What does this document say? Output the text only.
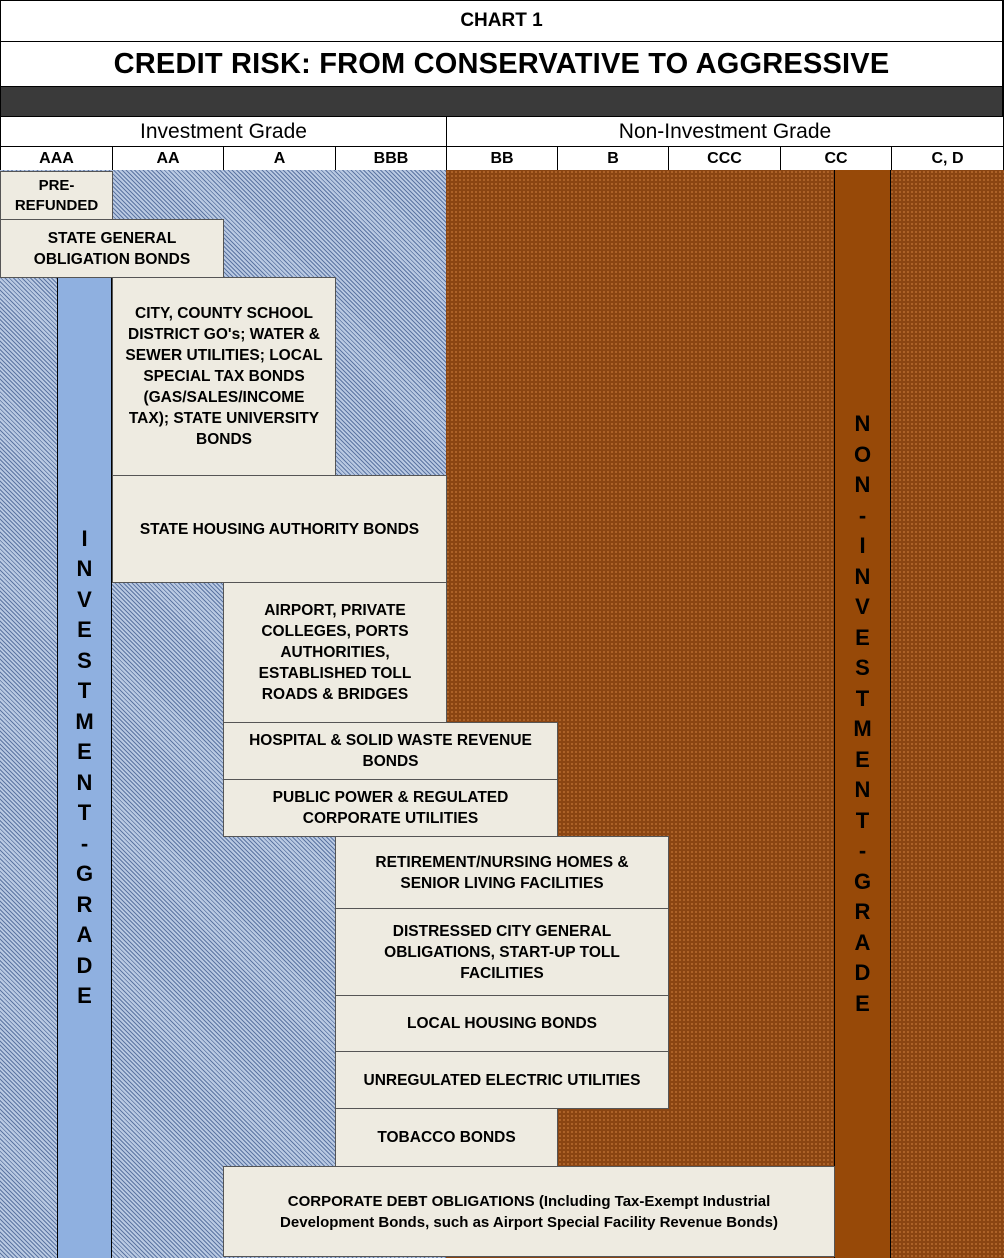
CHART 1
CREDIT RISK: FROM CONSERVATIVE TO AGGRESSIVE
Investment Grade	Non-Investment Grade
AAA	AA	A	BBB	BB	B	CCC	CC	C, D
I
N
V
E
S
T
M
E
N
T
-
G
R
A
D
E
N
O
N
-
I
N
V
E
S
T
M
E
N
T
-
G
R
A
D
E
PRE-
REFUNDED
STATE GENERAL
OBLIGATION BONDS
CITY, COUNTY SCHOOL
DISTRICT GO's; WATER &
SEWER UTILITIES; LOCAL
SPECIAL TAX BONDS
(GAS/SALES/INCOME
TAX); STATE UNIVERSITY
BONDS
STATE HOUSING AUTHORITY BONDS
AIRPORT, PRIVATE
COLLEGES, PORTS
AUTHORITIES,
ESTABLISHED TOLL
ROADS & BRIDGES
HOSPITAL & SOLID WASTE REVENUE
BONDS
PUBLIC POWER & REGULATED
CORPORATE UTILITIES
RETIREMENT/NURSING HOMES &
SENIOR LIVING FACILITIES
DISTRESSED CITY GENERAL
OBLIGATIONS, START-UP TOLL
FACILITIES
LOCAL HOUSING BONDS
UNREGULATED ELECTRIC UTILITIES
TOBACCO BONDS
CORPORATE DEBT OBLIGATIONS (Including Tax-Exempt Industrial
Development Bonds, such as Airport Special Facility Revenue Bonds)
